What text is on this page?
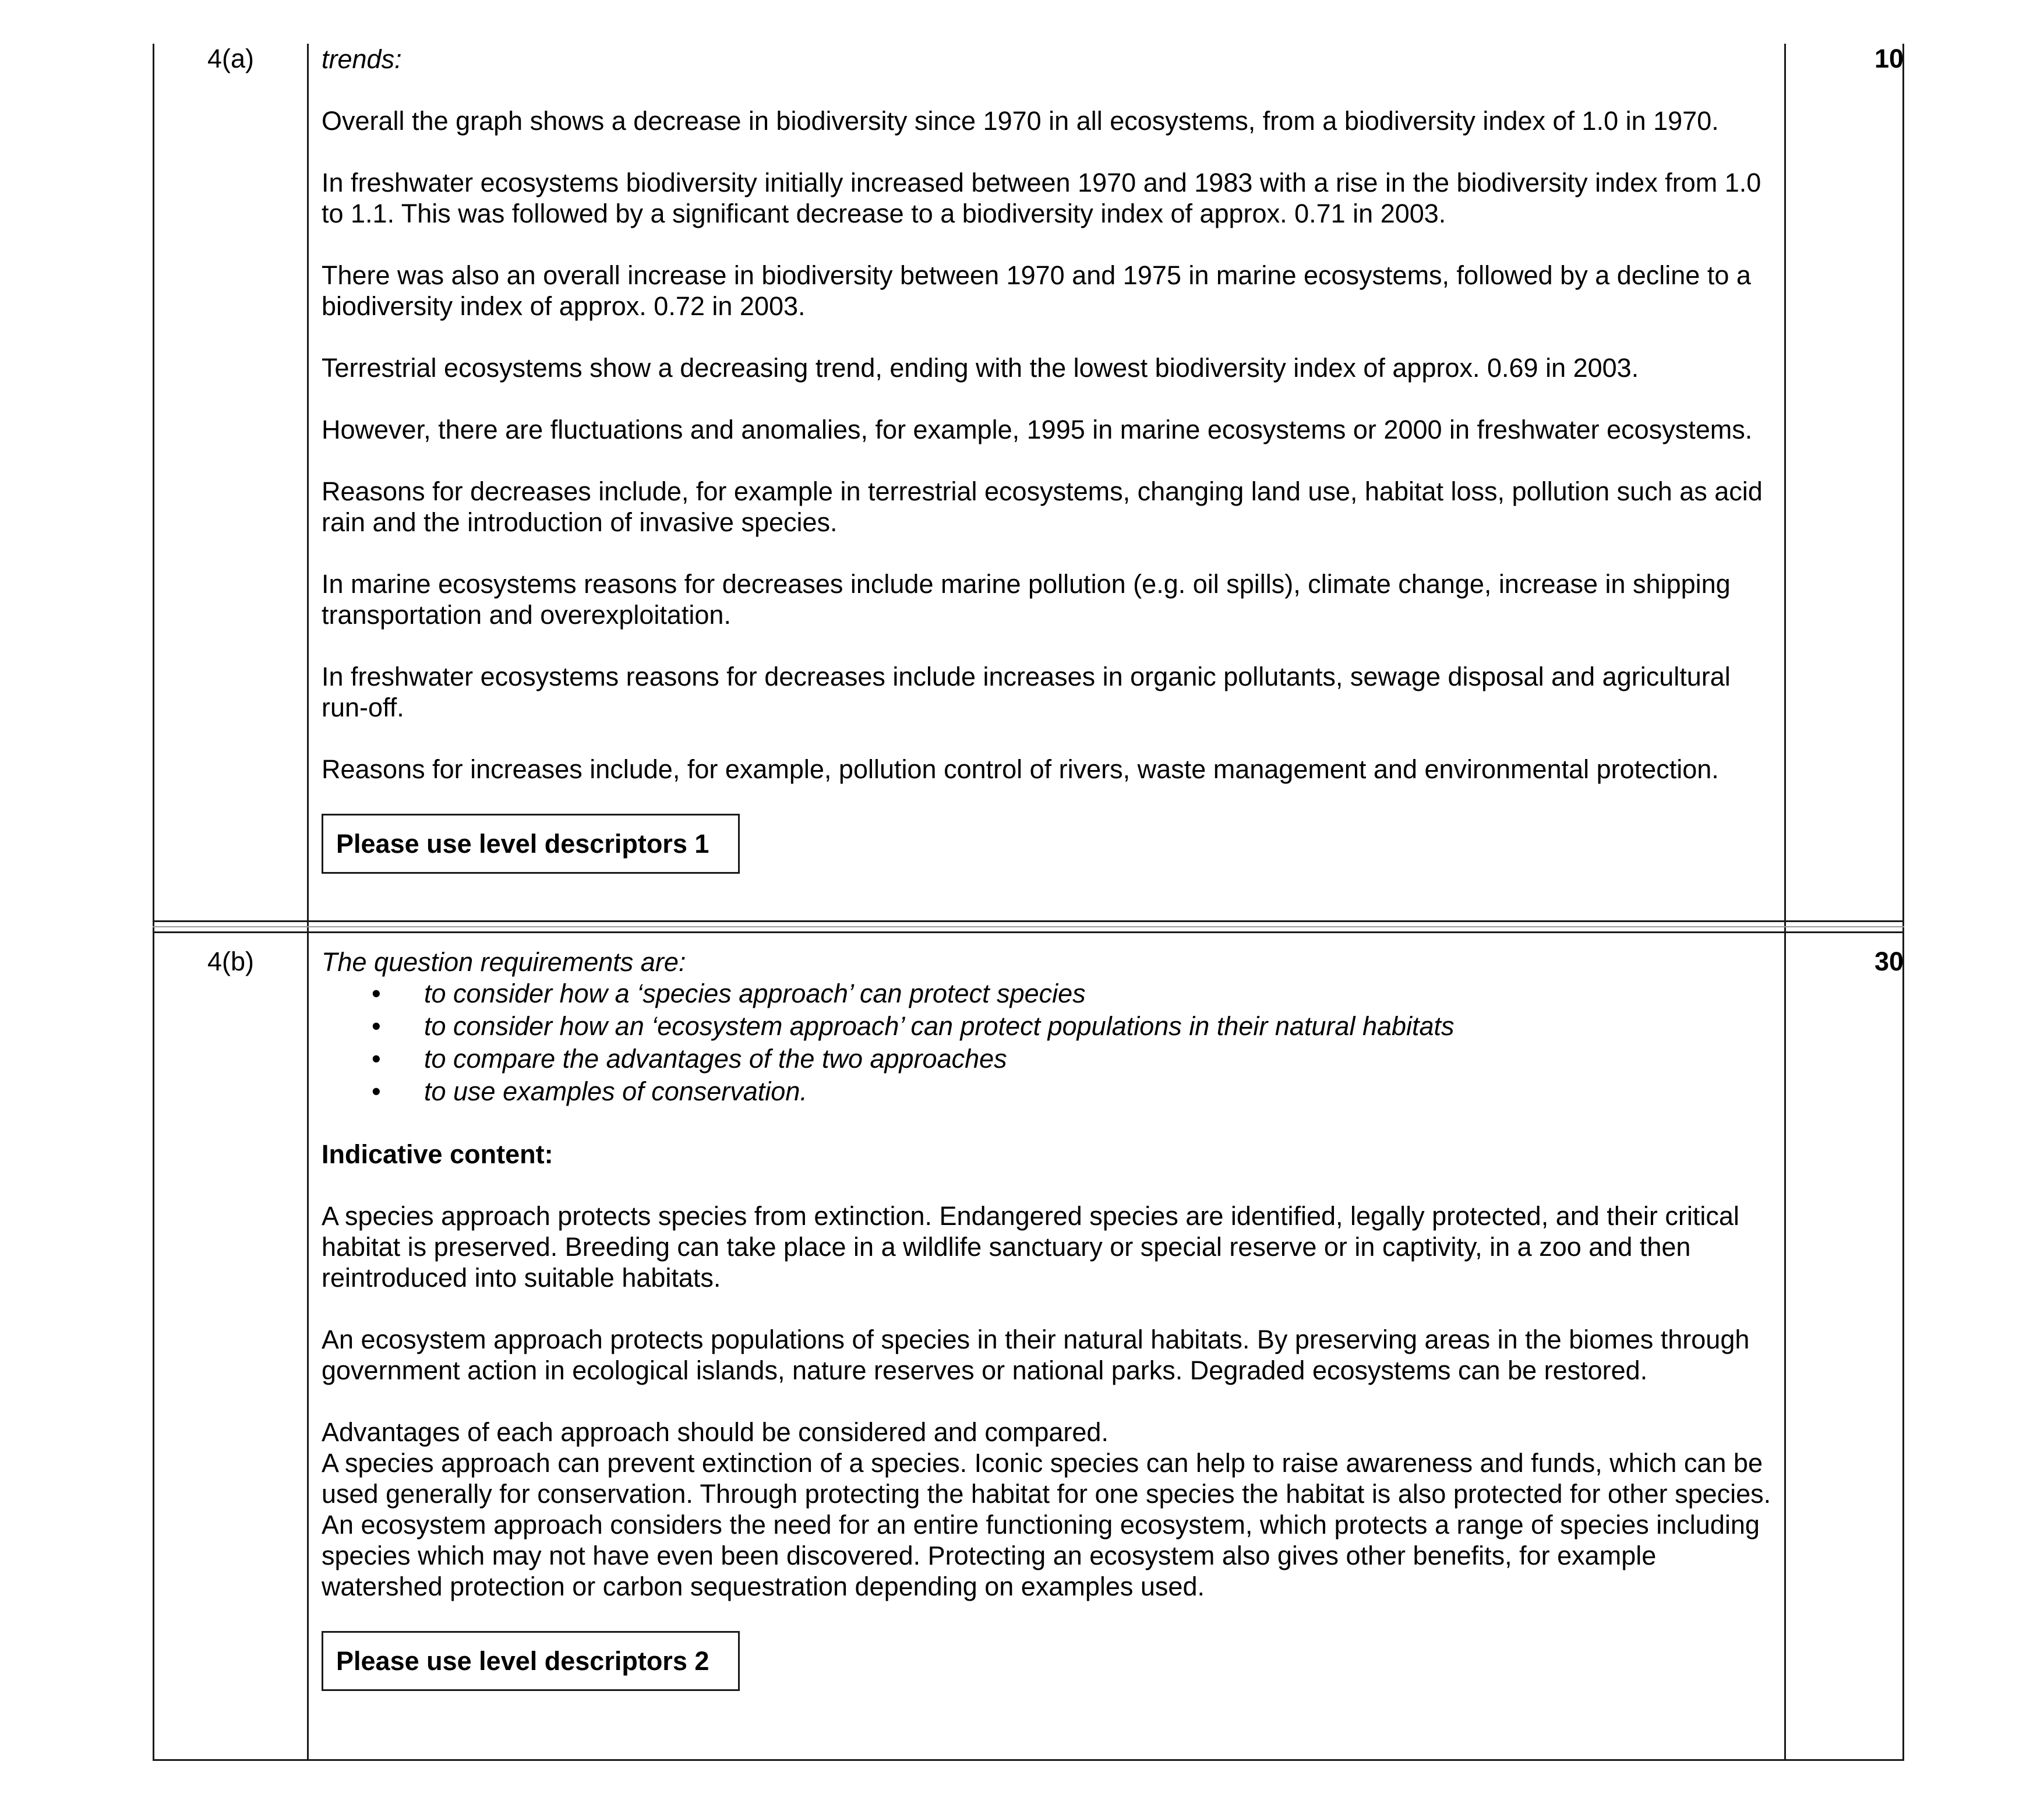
4(a)	10

trends:

Overall the graph shows a decrease in biodiversity since 1970 in all ecosystems, from a biodiversity index of 1.0 in 1970.

In freshwater ecosystems biodiversity initially increased between 1970 and 1983 with a rise in the biodiversity index from 1.0 to 1.1. This was followed by a significant decrease to a biodiversity index of approx. 0.71 in 2003.

There was also an overall increase in biodiversity between 1970 and 1975 in marine ecosystems, followed by a decline to a biodiversity index of approx. 0.72 in 2003.

Terrestrial ecosystems show a decreasing trend, ending with the lowest biodiversity index of approx. 0.69 in 2003.

However, there are fluctuations and anomalies, for example, 1995 in marine ecosystems or 2000 in freshwater ecosystems.

Reasons for decreases include, for example in terrestrial ecosystems, changing land use, habitat loss, pollution such as acid rain and the introduction of invasive species.

In marine ecosystems reasons for decreases include marine pollution (e.g. oil spills), climate change, increase in shipping transportation and overexploitation.

In freshwater ecosystems reasons for decreases include increases in organic pollutants, sewage disposal and agricultural run-off.

Reasons for increases include, for example, pollution control of rivers, waste management and environmental protection.

Please use level descriptors 1
4(b)	30

The question requirements are:

• to consider how a ‘species approach’ can protect species
• to consider how an ‘ecosystem approach’ can protect populations in their natural habitats
• to compare the advantages of the two approaches
• to use examples of conservation.

Indicative content:

A species approach protects species from extinction. Endangered species are identified, legally protected, and their critical habitat is preserved. Breeding can take place in a wildlife sanctuary or special reserve or in captivity, in a zoo and then reintroduced into suitable habitats.

An ecosystem approach protects populations of species in their natural habitats. By preserving areas in the biomes through government action in ecological islands, nature reserves or national parks. Degraded ecosystems can be restored.

Advantages of each approach should be considered and compared.

A species approach can prevent extinction of a species. Iconic species can help to raise awareness and funds, which can be used generally for conservation. Through protecting the habitat for one species the habitat is also protected for other species.

An ecosystem approach considers the need for an entire functioning ecosystem, which protects a range of species including species which may not have even been discovered. Protecting an ecosystem also gives other benefits, for example watershed protection or carbon sequestration depending on examples used.

Please use level descriptors 2
